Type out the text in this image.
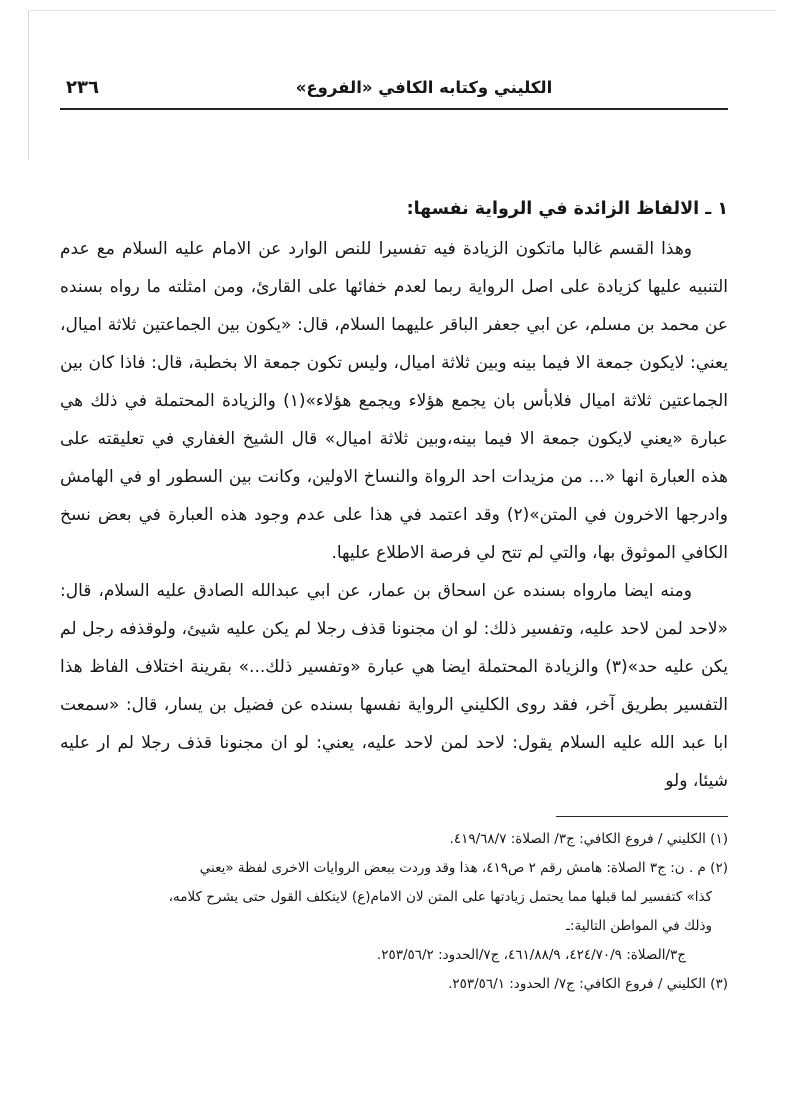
الكليني وكتابه الكافي «الفروع»
٢٣٦
١ ـ الالفاظ الزائدة في الرواية نفسها:

وهذا القسم غالبا ماتكون الزيادة فيه تفسيرا للنص الوارد عن الامام عليه السلام مع عدم التنبيه عليها كزيادة على اصل الرواية ربما لعدم خفائها على القارئ، ومن امثلته ما رواه بسنده عن محمد بن مسلم، عن ابي جعفر الباقر عليهما السلام، قال: «يكون بين الجماعتين ثلاثة اميال، يعني: لايكون جمعة الا فيما بينه وبين ثلاثة اميال، وليس تكون جمعة الا بخطبة، قال: فاذا كان بين الجماعتين ثلاثة اميال فلابأس بان يجمع هؤلاء ويجمع هؤلاء»(١) والزيادة المحتملة في ذلك هي عبارة «يعني لايكون جمعة الا فيما بينه،وبين ثلاثة اميال» قال الشيخ الغفاري في تعليقته على هذه العبارة انها «... من مزيدات احد الرواة والنساخ الاولين، وكانت بين السطور او في الهامش وادرجها الاخرون في المتن»(٢) وقد اعتمد في هذا على عدم وجود هذه العبارة في بعض نسخ الكافي الموثوق بها، والتي لم تتح لي فرصة الاطلاع عليها.

ومنه ايضا مارواه بسنده عن اسحاق بن عمار، عن ابي عبدالله الصادق عليه السلام، قال: «لاحد لمن لاحد عليه، وتفسير ذلك: لو ان مجنونا قذف رجلا لم يكن عليه شيئ، ولوقذفه رجل لم يكن عليه حد»(٣) والزيادة المحتملة ايضا هي عبارة «وتفسير ذلك...» بقرينة اختلاف الفاظ هذا التفسير بطريق آخر، فقد روى الكليني الرواية نفسها بسنده عن فضيل بن يسار، قال: «سمعت ابا عبد الله عليه السلام يقول: لاحد لمن لاحد عليه، يعني: لو ان مجنونا قذف رجلا لم ار عليه شيئا، ولو

(١) الكليني / فروع الكافي: ج٣/ الصلاة: ٤١٩/٦٨/٧.

(٢) م . ن: ج٣ الصلاة: هامش رقم ٢ ص٤١٩، هذا وقد وردت ببعض الروايات الاخرى لفظة «يعني

كذا» كتفسير لما قبلها مما يحتمل زيادتها على المتن لان الامام(ع) لايتكلف القول حتى يشرح كلامه،

وذلك في المواطن التالية:ـ

ج٣/الصلاة: ٤٢٤/٧٠/٩، ٤٦١/٨٨/٩، ج٧/الحدود: ٢٥٣/٥٦/٢.

(٣) الكليني / فروع الكافي: ج٧/ الحدود: ٢٥٣/٥٦/١.
